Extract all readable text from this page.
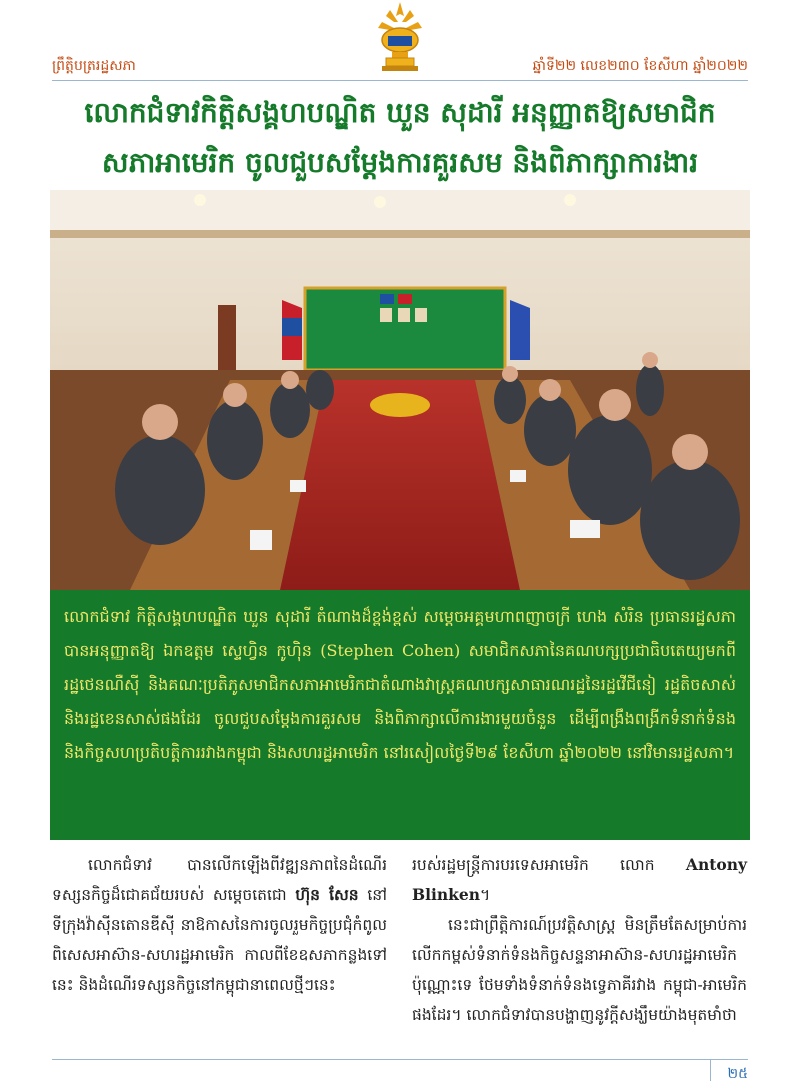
ព្រឹត្តិបត្ររដ្ឋសភា	ឆ្នាំទី២២ លេខ២៣០ ខែសីហា ឆ្នាំ២០២២
លោកជំទាវកិត្តិសង្គហបណ្ឌិត ឃួន សុដារី អនុញ្ញាតឱ្យសមាជិក
សភាអាមេរិក ចូលជួបសម្តែងការគួរសម និងពិភាក្សាការងារ
លោកជំទាវ កិត្តិសង្គហបណ្ឌិត ឃួន សុដារី តំណាងដ៏ខ្ពង់ខ្ពស់ សម្តេចអគ្គមហាពញាចក្រី ហេង សំរិន ប្រធានរដ្ឋសភា បានអនុញ្ញាតឱ្យ ឯកឧត្តម ស្ទេហ្វិន កូហ៊ិន (Stephen Cohen) សមាជិកសភានៃគណបក្សប្រជាធិបតេយ្យមកពីរដ្ឋថេនណឺស៊ី និងគណៈប្រតិភូសមាជិកសភាអាមេរិកជាតំណាងវាស្រ្តគណបក្សសាធារណរដ្ឋនៃរដ្ឋវើជីនៀ រដ្ឋតិចសាស់ និងរដ្ឋខេនសាស់ផងដែរ ចូលជួបសម្តែងការគួរសម និងពិភាក្សាលើការងារមួយចំនួន ដើម្បីពង្រឹងពង្រីកទំនាក់ទំនង និងកិច្ចសហប្រតិបត្តិការរវាងកម្ពុជា និងសហរដ្ឋអាមេរិក នៅរសៀលថ្ងៃទី២៩ ខែសីហា ឆ្នាំ២០២២ នៅវិមានរដ្ឋសភា។
លោកជំទាវ បានលើកឡើងពីវឌ្ឍនភាពនៃដំណើរទស្សនកិច្ចដ៏ជោគជ័យរបស់ សម្តេចតេជោ ហ៊ុន សែន នៅទីក្រុងវ៉ាស៊ីនតោនឌីស៊ី នាឱកាសនៃការចូលរួមកិច្ចប្រជុំកំពូលពិសេសអាស៊ាន-សហរដ្ឋអាមេរិក កាលពីខែឧសភាកន្លងទៅនេះ និងដំណើរទស្សនកិច្ចនៅកម្ពុជានាពេលថ្មីៗនេះ
របស់រដ្ឋមន្ត្រីការបរទេសអាមេរិក លោក Antony Blinken។
នេះជាព្រឹត្តិការណ៍ប្រវត្តិសាស្រ្ត មិនត្រឹមតែសម្រាប់ការលើកកម្ពស់ទំនាក់ទំនងកិច្ចសន្ទនាអាស៊ាន-សហរដ្ឋអាមេរិកប៉ុណ្ណោះទេ ថែមទាំងទំនាក់ទំនងទ្វេភាគីរវាង កម្ពុជា-អាមេរិកផងដែរ។ លោកជំទាវបានបង្ហាញនូវក្តីសង្ឃឹមយ៉ាងមុតមាំថា
២៥
